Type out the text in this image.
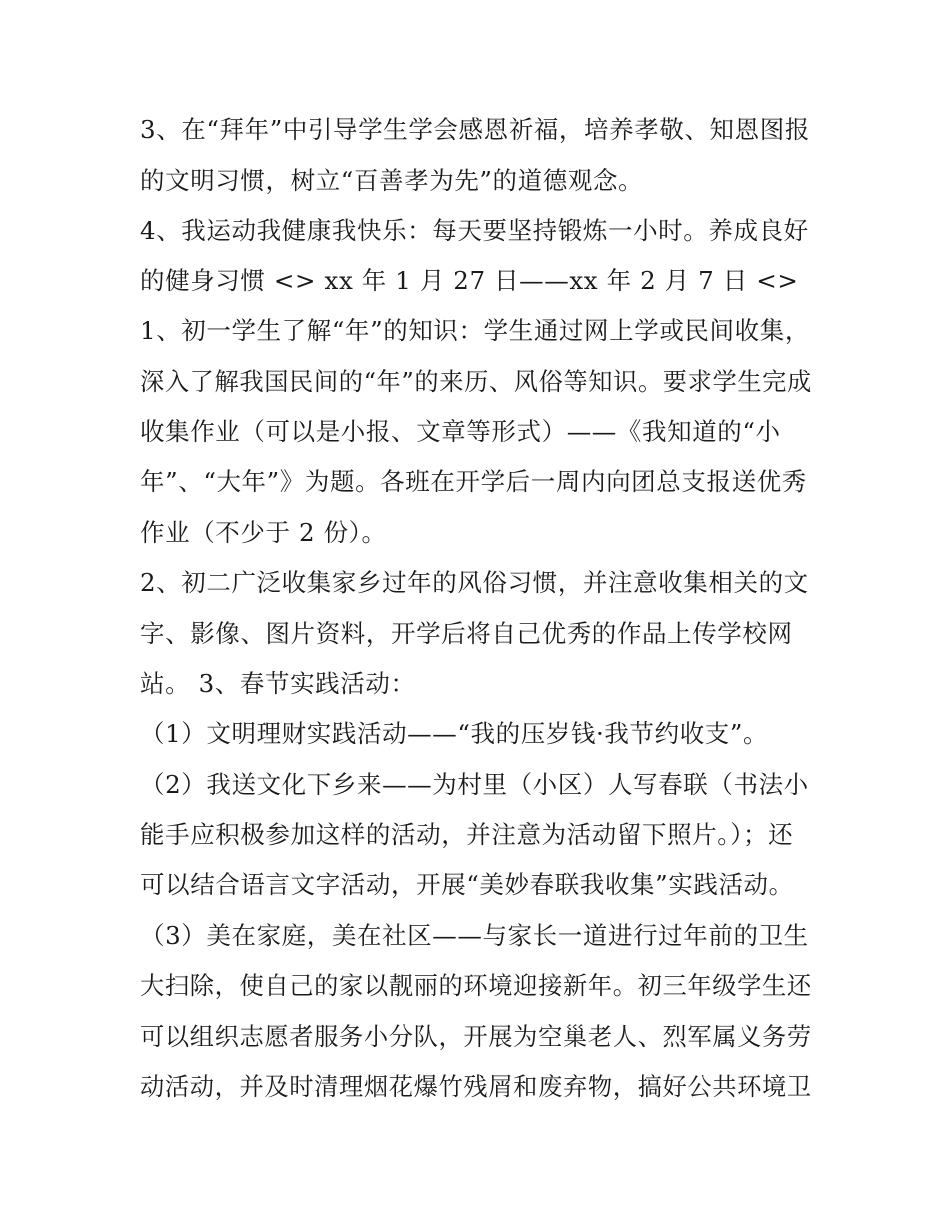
3、在“拜年”中引导学生学会感恩祈福，培养孝敬、知恩图报
的文明习惯，树立“百善孝为先”的道德观念。
4、我运动我健康我快乐：每天要坚持锻炼一小时。养成良好
的健身习惯 <> xx 年 1 月 27 日——xx 年 2 月 7 日 <>
1、初一学生了解“年”的知识：学生通过网上学或民间收集，
深入了解我国民间的“年”的来历、风俗等知识。要求学生完成
收集作业（可以是小报、文章等形式）——《我知道的“小
年”、“大年”》为题。各班在开学后一周内向团总支报送优秀
作业（不少于 2 份）。
2、初二广泛收集家乡过年的风俗习惯，并注意收集相关的文
字、影像、图片资料，开学后将自己优秀的作品上传学校网
站。 3、春节实践活动：
（1）文明理财实践活动——“我的压岁钱·我节约收支”。
（2）我送文化下乡来——为村里（小区）人写春联（书法小
能手应积极参加这样的活动，并注意为活动留下照片。）；还
可以结合语言文字活动，开展“美妙春联我收集”实践活动。
（3）美在家庭，美在社区——与家长一道进行过年前的卫生
大扫除，使自己的家以靓丽的环境迎接新年。初三年级学生还
可以组织志愿者服务小分队，开展为空巢老人、烈军属义务劳
动活动，并及时清理烟花爆竹残屑和废弃物，搞好公共环境卫
